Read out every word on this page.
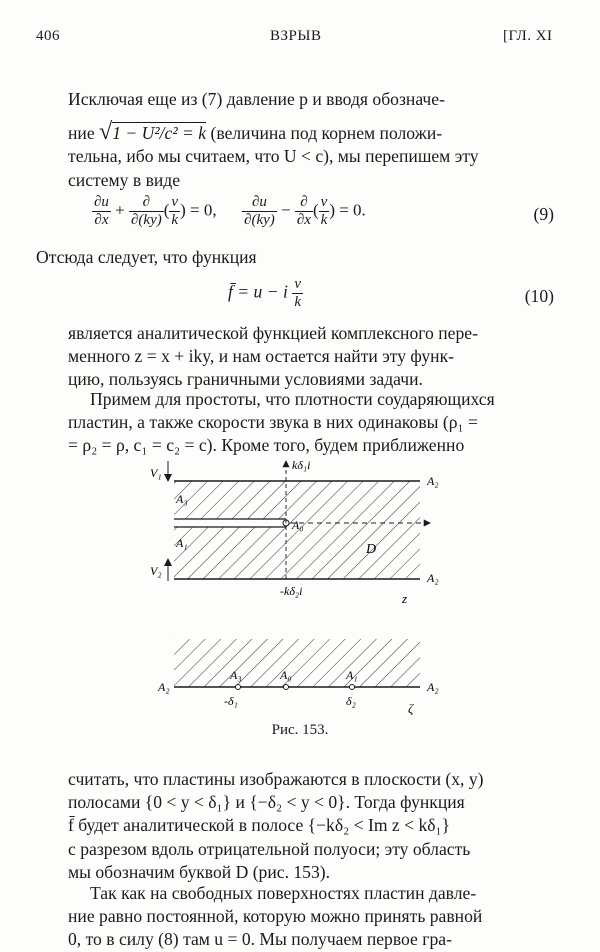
406	ВЗРЫВ	[ГЛ. XI
Исключая еще из (7) давление p и вводя обозначе-
ние √1 − U²/c² = k (величина под корнем положи-
тельна, ибо мы считаем, что U < c), мы перепишем эту
систему в виде
$\frac{\partial u}{\partial x} + \frac{\partial}{\partial(ky)}$ ( $\frac{v}{k}$ ) = 0, $\frac{\partial u}{\partial(ky)} - \frac{\partial}{\partial x}$ ( $\frac{v}{k}$ ) = 0.	(9)
Отсюда следует, что функция
f̄ = u − i $\frac{v}{k}$	(10)
является аналитической функцией комплексного пере-
менного z = x + iky, и нам остается найти эту функ-
цию, пользуясь граничными условиями задачи.
Примем для простоты, что плотности соударяющихся
пластин, а также скорости звука в них одинаковы (ρ₁ =
= ρ₂ = ρ, c₁ = c₂ = c). Кроме того, будем приближенно
V₁
V₂
kδ₁i
A₂
A₃
A₀
A₁	D
A₂
-kδ₂i	z
A₂	A₂
A₃	A₀	A₁
-δ₁	δ₂	ζ
Рис. 153.
считать, что пластины изображаются в плоскости (x, y)
полосами {0 < y < δ₁} и {−δ₂ < y < 0}. Тогда функция
f̄ будет аналитической в полосе {−kδ₂ < Im z < kδ₁}
с разрезом вдоль отрицательной полуоси; эту область
мы обозначим буквой D (рис. 153).
Так как на свободных поверхностях пластин давле-
ние равно постоянной, которую можно принять равной
0, то в силу (8) там u = 0. Мы получаем первое гра-
